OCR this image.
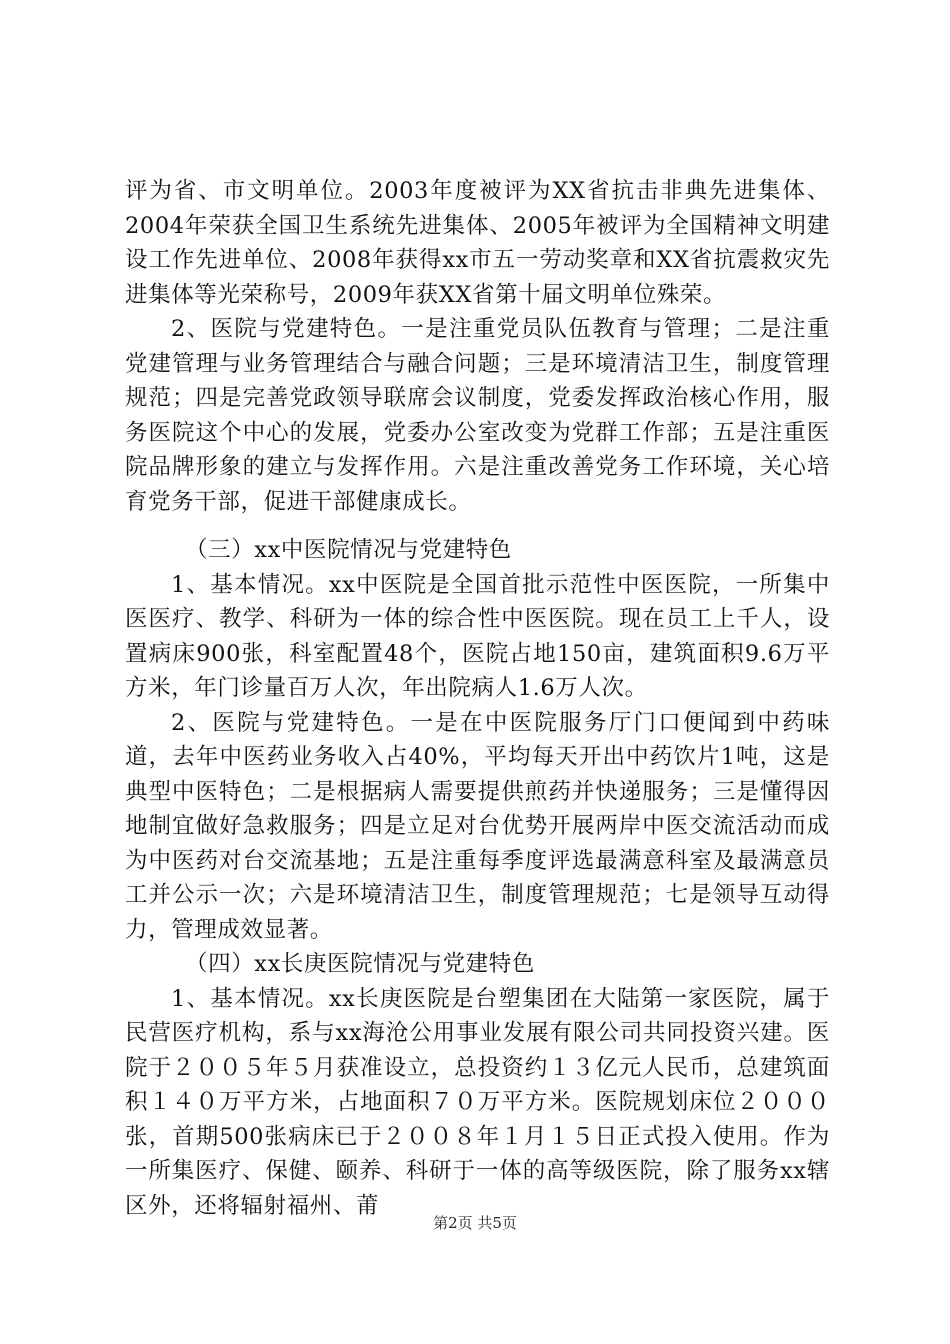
评为省、市文明单位。2003年度被评为XX省抗击非典先进集体、2004年荣获全国卫生系统先进集体、2005年被评为全国精神文明建设工作先进单位、2008年获得xx市五一劳动奖章和XX省抗震救灾先进集体等光荣称号，2009年获XX省第十届文明单位殊荣。

2、医院与党建特色。一是注重党员队伍教育与管理；二是注重党建管理与业务管理结合与融合问题；三是环境清洁卫生，制度管理规范；四是完善党政领导联席会议制度，党委发挥政治核心作用，服务医院这个中心的发展，党委办公室改变为党群工作部；五是注重医院品牌形象的建立与发挥作用。六是注重改善党务工作环境，关心培育党务干部，促进干部健康成长。

（三）xx中医院情况与党建特色

1、基本情况。xx中医院是全国首批示范性中医医院，一所集中医医疗、教学、科研为一体的综合性中医医院。现在员工上千人，设置病床900张，科室配置48个，医院占地150亩，建筑面积9.6万平方米，年门诊量百万人次，年出院病人1.6万人次。

2、医院与党建特色。一是在中医院服务厅门口便闻到中药味道，去年中医药业务收入占40%，平均每天开出中药饮片1吨，这是典型中医特色；二是根据病人需要提供煎药并快递服务；三是懂得因地制宜做好急救服务；四是立足对台优势开展两岸中医交流活动而成为中医药对台交流基地；五是注重每季度评选最满意科室及最满意员工并公示一次；六是环境清洁卫生，制度管理规范；七是领导互动得力，管理成效显著。

（四）xx长庚医院情况与党建特色

1、基本情况。xx长庚医院是台塑集团在大陆第一家医院，属于民营医疗机构，系与xx海沧公用事业发展有限公司共同投资兴建。医院于２００５年５月获准设立，总投资约１３亿元人民币，总建筑面积１４０万平方米，占地面积７０万平方米。医院规划床位２０００张，首期500张病床已于２００８年１月１５日正式投入使用。作为一所集医疗、保健、颐养、科研于一体的高等级医院，除了服务xx辖区外，还将辐射福州、莆

第2页 共5页
